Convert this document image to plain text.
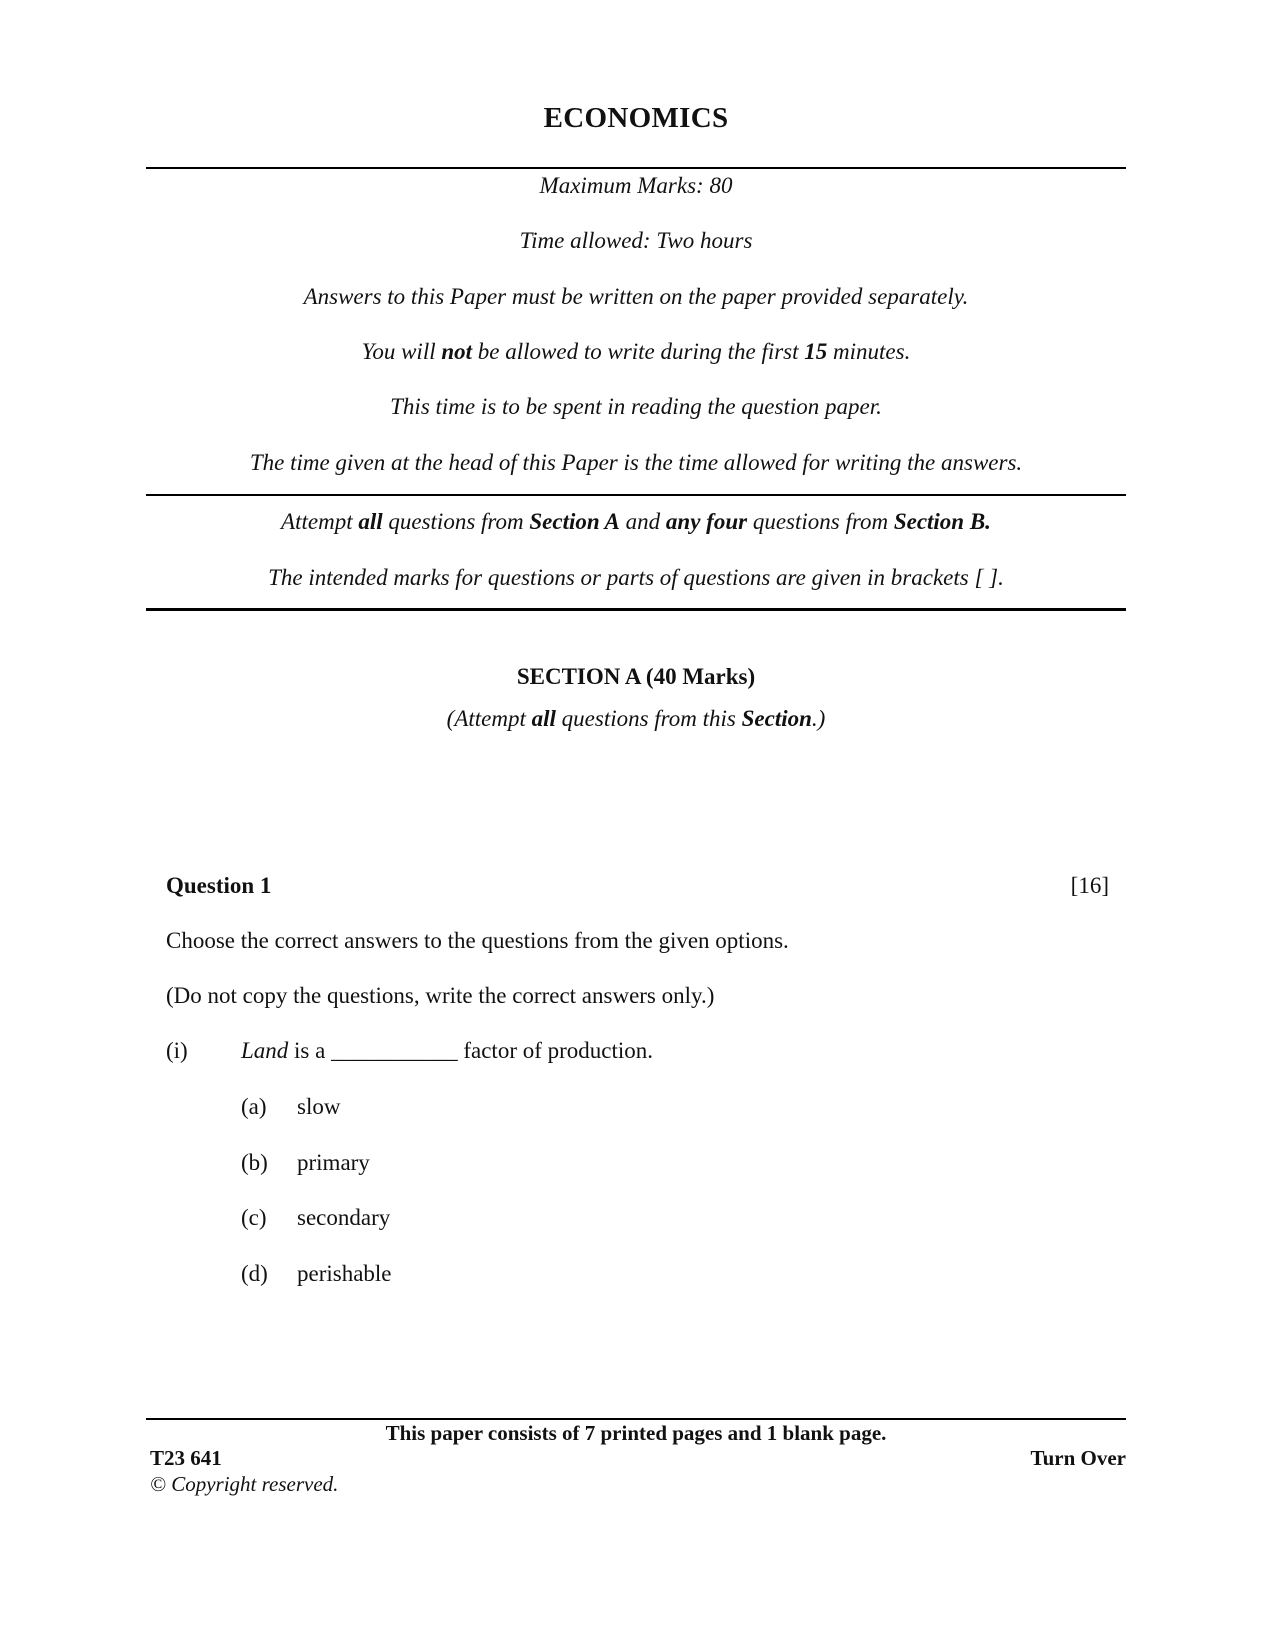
ECONOMICS
Maximum Marks: 80
Time allowed: Two hours
Answers to this Paper must be written on the paper provided separately.
You will not be allowed to write during the first 15 minutes.
This time is to be spent in reading the question paper.
The time given at the head of this Paper is the time allowed for writing the answers.
Attempt all questions from Section A and any four questions from Section B.
The intended marks for questions or parts of questions are given in brackets [ ].
SECTION A (40 Marks)
(Attempt all questions from this Section.)
Question 1	[16]
Choose the correct answers to the questions from the given options.
(Do not copy the questions, write the correct answers only.)
(i) Land is a ___________ factor of production.
(a) slow
(b) primary
(c) secondary
(d) perishable
This paper consists of 7 printed pages and 1 blank page.
T23 641	Turn Over
© Copyright reserved.
